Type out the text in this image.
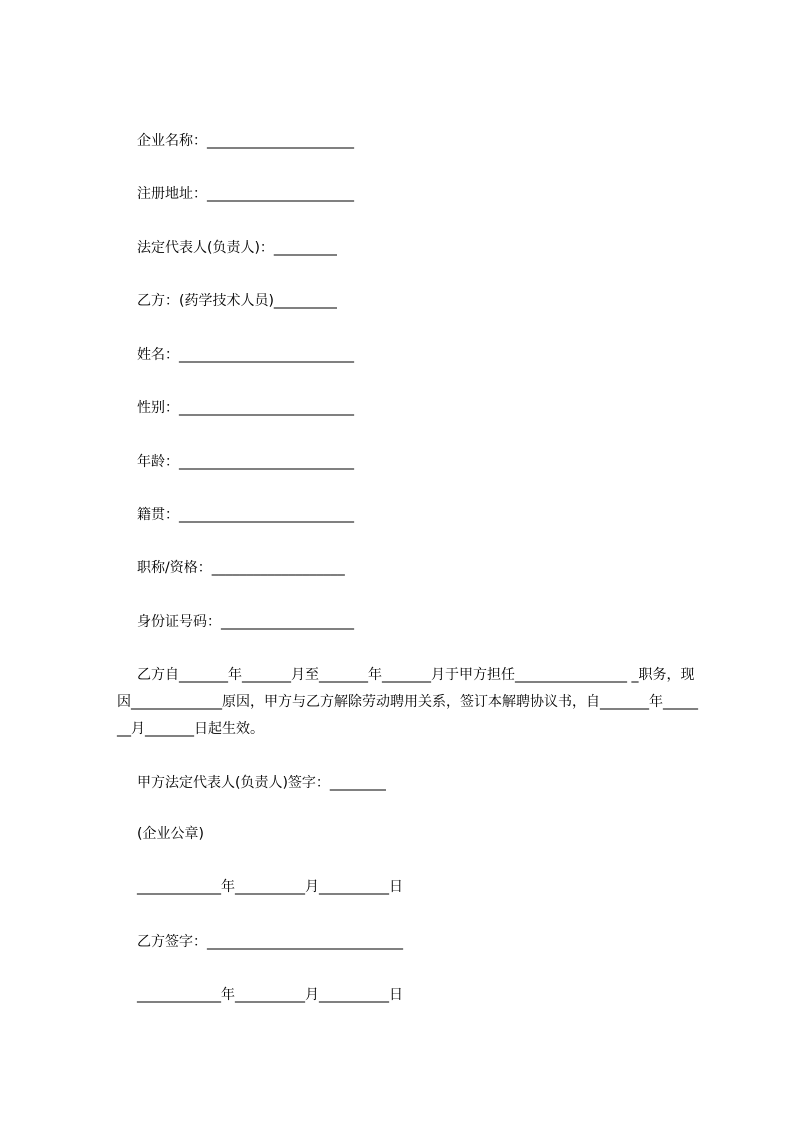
企业名称：_____________________
注册地址：_____________________
法定代表人(负责人)：_________
乙方：(药学技术人员)_________
姓名：_________________________
性别：_________________________
年龄：_________________________
籍贯：_________________________
职称/资格：___________________
身份证号码：___________________
乙方自_______年_______月至_______年_______月于甲方担任________________ _职务，现因_____________原因，甲方与乙方解除劳动聘用关系，签订本解聘协议书，自_______年_______月_______日起生效。
甲方法定代表人(负责人)签字：________
(企业公章)
____________年__________月__________日
乙方签字：____________________________
____________年__________月__________日
